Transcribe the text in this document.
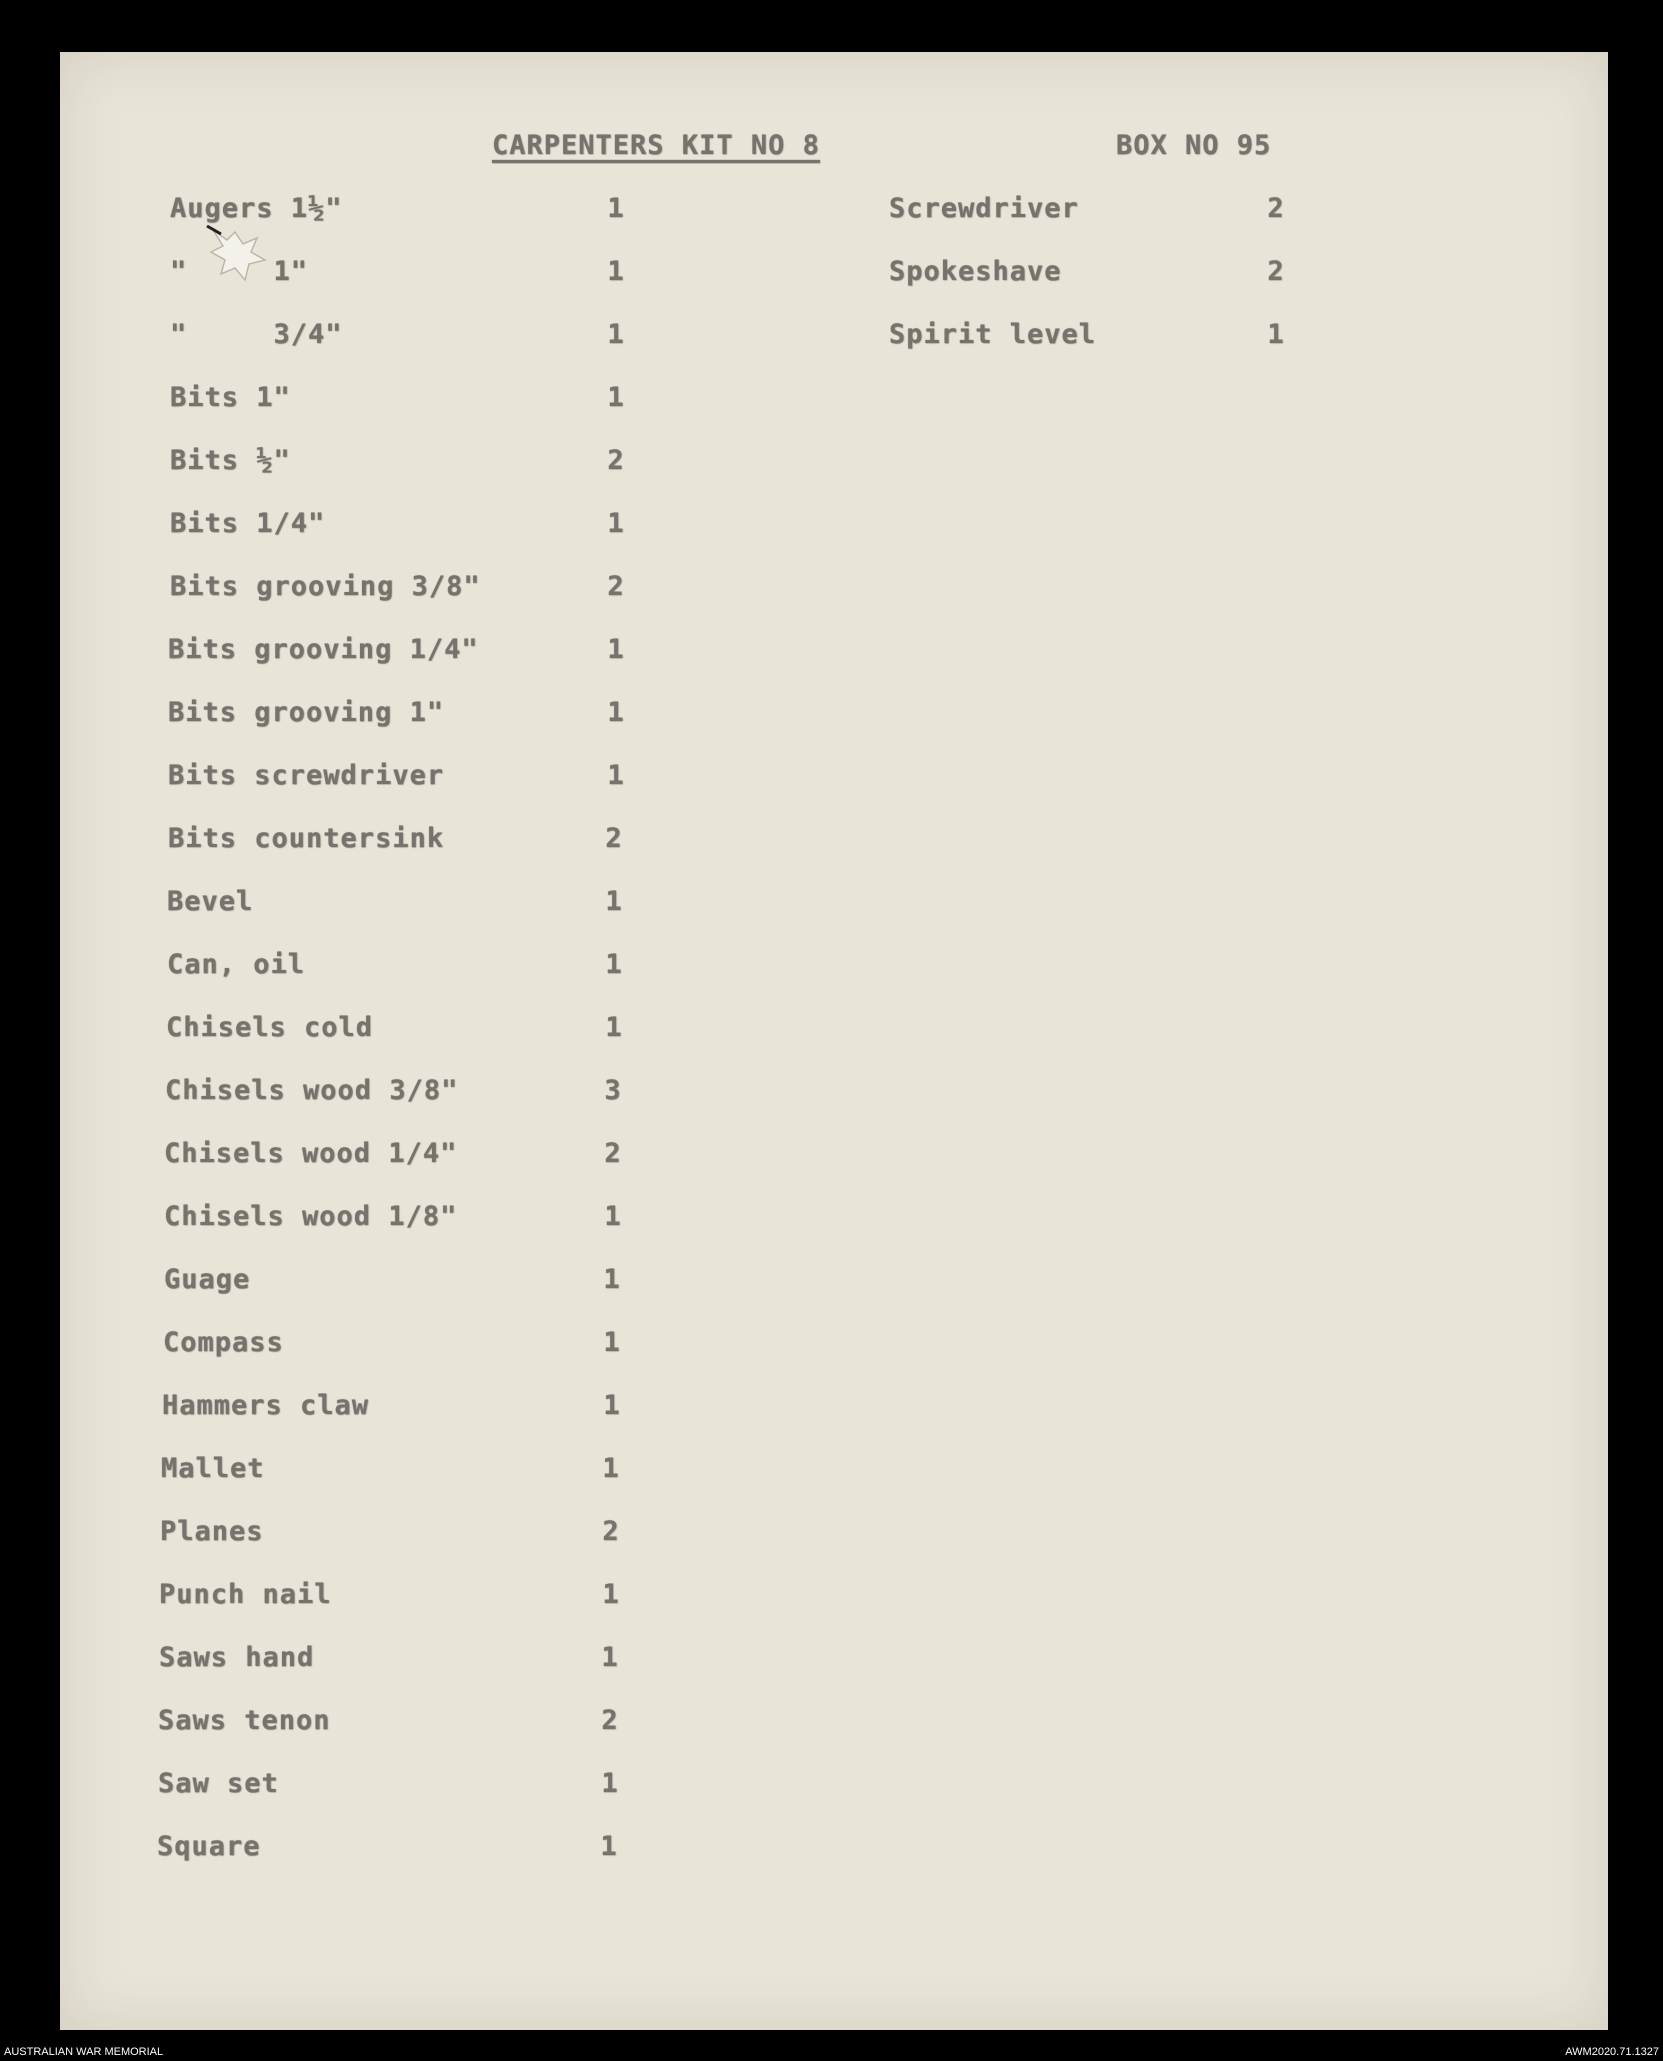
CARPENTERS KIT NO 8	BOX NO 95
Augers 1½"	1
"     1"	1
"     3/4"	1
Bits 1"	1
Bits ½"	2
Bits 1/4"	1
Bits grooving 3/8"	2
Bits grooving 1/4"	1
Bits grooving 1"	1
Bits screwdriver	1
Bits countersink	2
Bevel	1
Can, oil	1
Chisels cold	1
Chisels wood 3/8"	3
Chisels wood 1/4"	2
Chisels wood 1/8"	1
Guage	1
Compass	1
Hammers claw	1
Mallet	1
Planes	2
Punch nail	1
Saws hand	1
Saws tenon	2
Saw set	1
Square	1
Screwdriver	2
Spokeshave	2
Spirit level	1
AUSTRALIAN WAR MEMORIAL	AWM2020.71.1327
